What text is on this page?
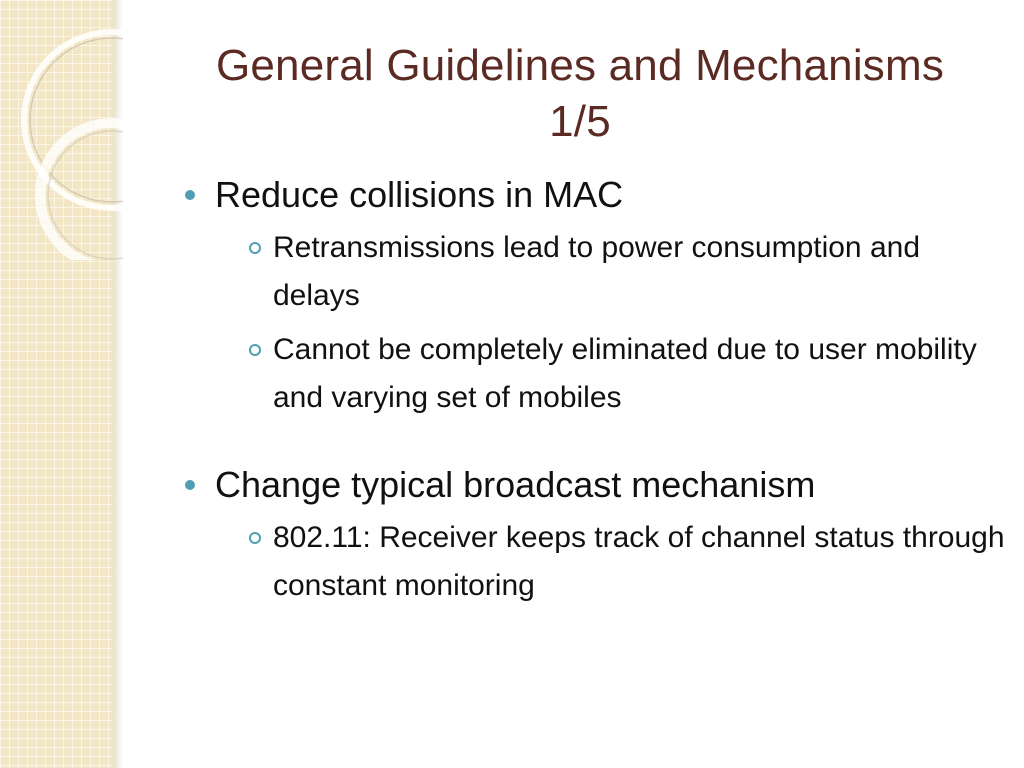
General Guidelines and Mechanisms
1/5
Reduce collisions in MAC
Retransmissions lead to power consumption and delays
Cannot be completely eliminated due to user mobility and varying set of mobiles
Change typical broadcast mechanism
802.11: Receiver keeps track of channel status through constant monitoring
